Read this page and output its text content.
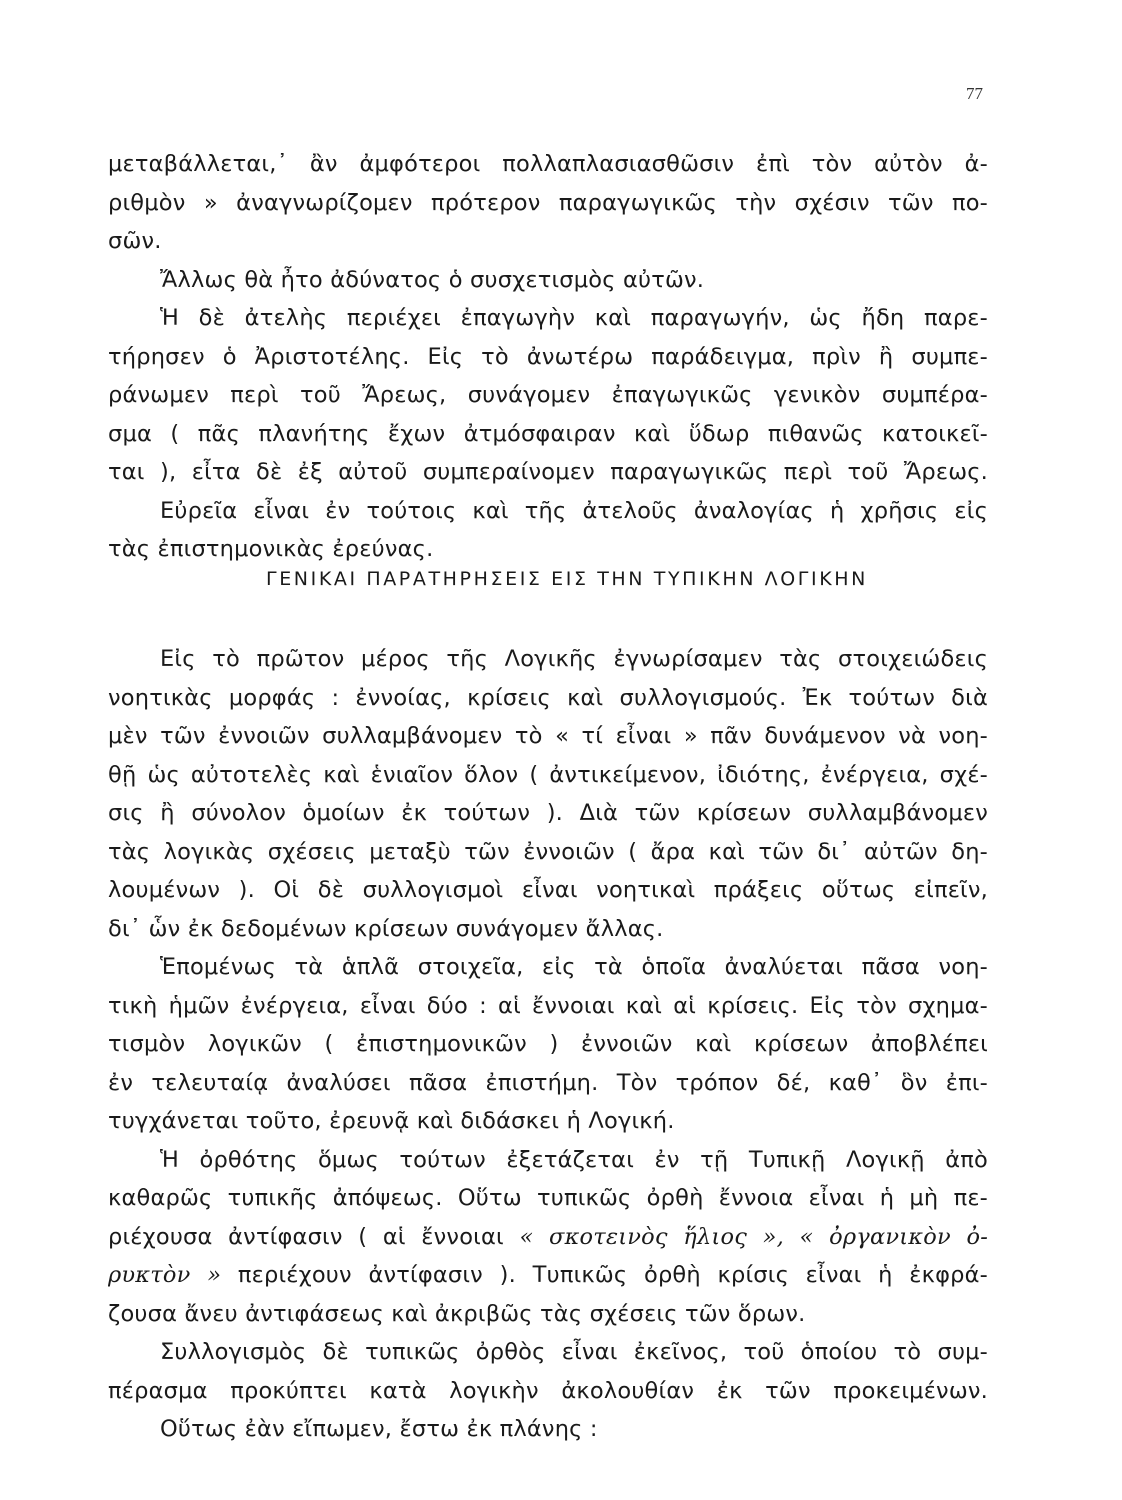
77
μεταβάλλεται,᾽ ἂν ἀμφότεροι πολλαπλασιασθῶσιν ἐπὶ τὸν αὐτὸν ἀ-
ριθμὸν » ἀναγνωρίζομεν πρότερον παραγωγικῶς τὴν σχέσιν τῶν πο-
σῶν.
Ἄλλως θὰ ἦτο ἀδύνατος ὁ συσχετισμὸς αὐτῶν.
Ἡ δὲ ἀτελὴς περιέχει ἐπαγωγὴν καὶ παραγωγήν, ὡς ἤδη παρε-
τήρησεν ὁ Ἀριστοτέλης. Εἰς τὸ ἀνωτέρω παράδειγμα, πρὶν ἢ συμπε-
ράνωμεν περὶ τοῦ Ἄρεως, συνάγομεν ἐπαγωγικῶς γενικὸν συμπέρα-
σμα ( πᾶς πλανήτης ἔχων ἀτμόσφαιραν καὶ ὕδωρ πιθανῶς κατοικεῖ-
ται ), εἶτα δὲ ἐξ αὐτοῦ συμπεραίνομεν παραγωγικῶς περὶ τοῦ Ἄρεως.
Εὐρεῖα εἶναι ἐν τούτοις καὶ τῆς ἀτελοῦς ἀναλογίας ἡ χρῆσις εἰς
τὰς ἐπιστημονικὰς ἐρεύνας.
ΓΕΝΙΚΑΙ ΠΑΡΑΤΗΡΗΣΕΙΣ ΕΙΣ ΤΗΝ ΤΥΠΙΚΗΝ ΛΟΓΙΚΗΝ
Εἰς τὸ πρῶτον μέρος τῆς Λογικῆς ἐγνωρίσαμεν τὰς στοιχειώδεις
νοητικὰς μορφάς : ἐννοίας, κρίσεις καὶ συλλογισμούς. Ἐκ τούτων διὰ
μὲν τῶν ἐννοιῶν συλλαμβάνομεν τὸ « τί εἶναι » πᾶν δυνάμενον νὰ νοη-
θῇ ὡς αὐτοτελὲς καὶ ἑνιαῖον ὅλον ( ἀντικείμενον, ἰδιότης, ἐνέργεια, σχέ-
σις ἢ σύνολον ὁμοίων ἐκ τούτων ). Διὰ τῶν κρίσεων συλλαμβάνομεν
τὰς λογικὰς σχέσεις μεταξὺ τῶν ἐννοιῶν ( ἄρα καὶ τῶν δι᾽ αὐτῶν δη-
λουμένων ). Οἱ δὲ συλλογισμοὶ εἶναι νοητικαὶ πράξεις οὕτως εἰπεῖν,
δι᾽ ὧν ἐκ δεδομένων κρίσεων συνάγομεν ἄλλας.
Ἑπομένως τὰ ἁπλᾶ στοιχεῖα, εἰς τὰ ὁποῖα ἀναλύεται πᾶσα νοη-
τικὴ ἡμῶν ἐνέργεια, εἶναι δύο : αἱ ἔννοιαι καὶ αἱ κρίσεις. Εἰς τὸν σχημα-
τισμὸν λογικῶν ( ἐπιστημονικῶν ) ἐννοιῶν καὶ κρίσεων ἀποβλέπει
ἐν τελευταίᾳ ἀναλύσει πᾶσα ἐπιστήμη. Τὸν τρόπον δέ, καθ᾽ ὃν ἐπι-
τυγχάνεται τοῦτο, ἐρευνᾷ καὶ διδάσκει ἡ Λογική.
Ἡ ὀρθότης ὅμως τούτων ἐξετάζεται ἐν τῇ Τυπικῇ Λογικῇ ἀπὸ
καθαρῶς τυπικῆς ἀπόψεως. Οὕτω τυπικῶς ὀρθὴ ἔννοια εἶναι ἡ μὴ πε-
ριέχουσα ἀντίφασιν ( αἱ ἔννοιαι « σκοτεινὸς ἥλιος », « ὀργανικὸν ὀ-
ρυκτὸν » περιέχουν ἀντίφασιν ). Τυπικῶς ὀρθὴ κρίσις εἶναι ἡ ἐκφρά-
ζουσα ἄνευ ἀντιφάσεως καὶ ἀκριβῶς τὰς σχέσεις τῶν ὅρων.
Συλλογισμὸς δὲ τυπικῶς ὀρθὸς εἶναι ἐκεῖνος, τοῦ ὁποίου τὸ συμ-
πέρασμα προκύπτει κατὰ λογικὴν ἀκολουθίαν ἐκ τῶν προκειμένων.
Οὕτως ἐὰν εἴπωμεν, ἔστω ἐκ πλάνης :
